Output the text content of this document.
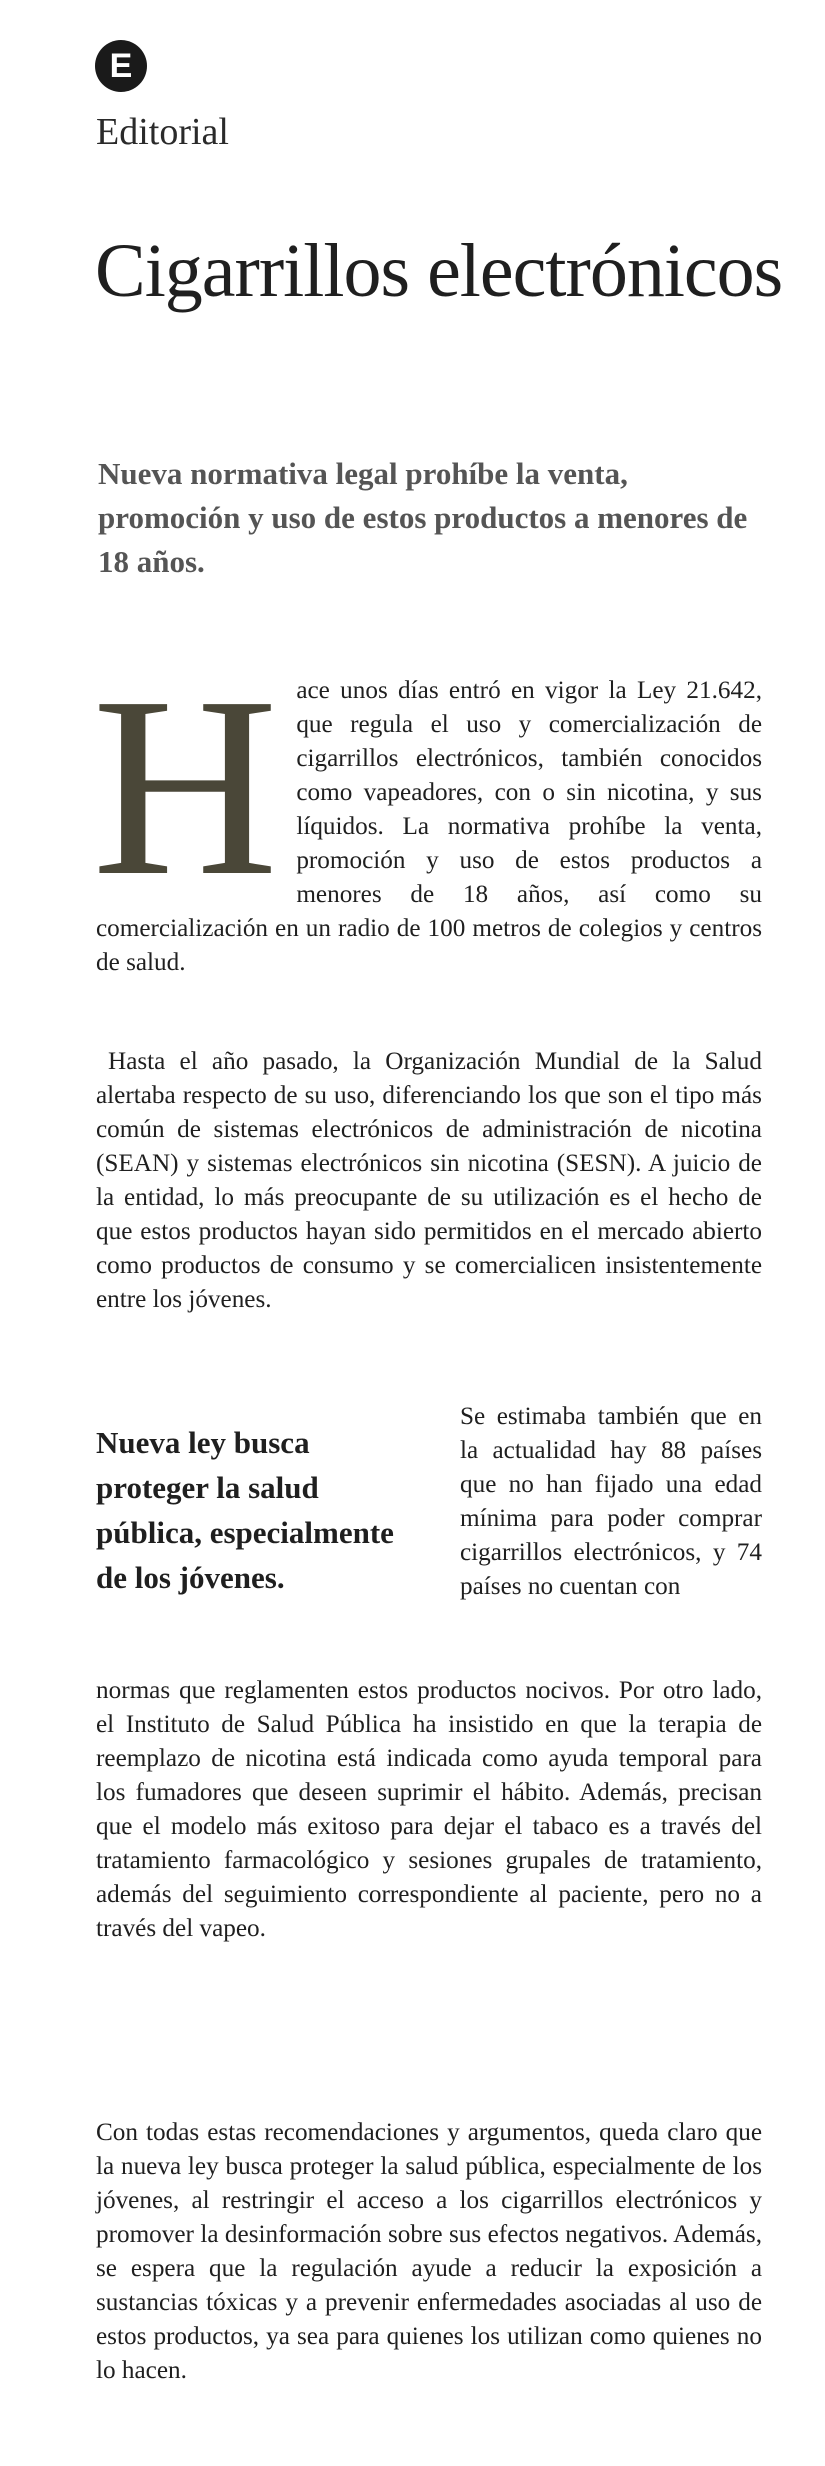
E
Editorial
Cigarrillos electrónicos

Nueva normativa legal prohíbe la venta, promoción y uso de estos productos a menores de 18 años.

Hace unos días entró en vigor la Ley 21.642, que regula el uso y comercialización de cigarrillos electrónicos, también conocidos como vapeadores, con o sin nicotina, y sus líquidos. La normativa prohíbe la venta, promoción y uso de estos productos a menores de 18 años, así como su comercialización en un radio de 100 metros de colegios y centros de salud.

Hasta el año pasado, la Organización Mundial de la Salud alertaba respecto de su uso, diferenciando los que son el tipo más común de sistemas electrónicos de administración de nicotina (SEAN) y sistemas electrónicos sin nicotina (SESN). A juicio de la entidad, lo más preocupante de su utilización es el hecho de que estos productos hayan sido permitidos en el mercado abierto como productos de consumo y se comercialicen insistentemente entre los jóvenes.

Nueva ley busca proteger la salud pública, especialmente de los jóvenes.

Se estimaba también que en la actualidad hay 88 países que no han fijado una edad mínima para poder comprar cigarrillos electrónicos, y 74 países no cuentan con

normas que reglamenten estos productos nocivos. Por otro lado, el Instituto de Salud Pública ha insistido en que la terapia de reemplazo de nicotina está indicada como ayuda temporal para los fumadores que deseen suprimir el hábito. Además, precisan que el modelo más exitoso para dejar el tabaco es a través del tratamiento farmacológico y sesiones grupales de tratamiento, además del seguimiento correspondiente al paciente, pero no a través del vapeo.

Con todas estas recomendaciones y argumentos, queda claro que la nueva ley busca proteger la salud pública, especialmente de los jóvenes, al restringir el acceso a los cigarrillos electrónicos y promover la desinformación sobre sus efectos negativos. Además, se espera que la regulación ayude a reducir la exposición a sustancias tóxicas y a prevenir enfermedades asociadas al uso de estos productos, ya sea para quienes los utilizan como quienes no lo hacen.
